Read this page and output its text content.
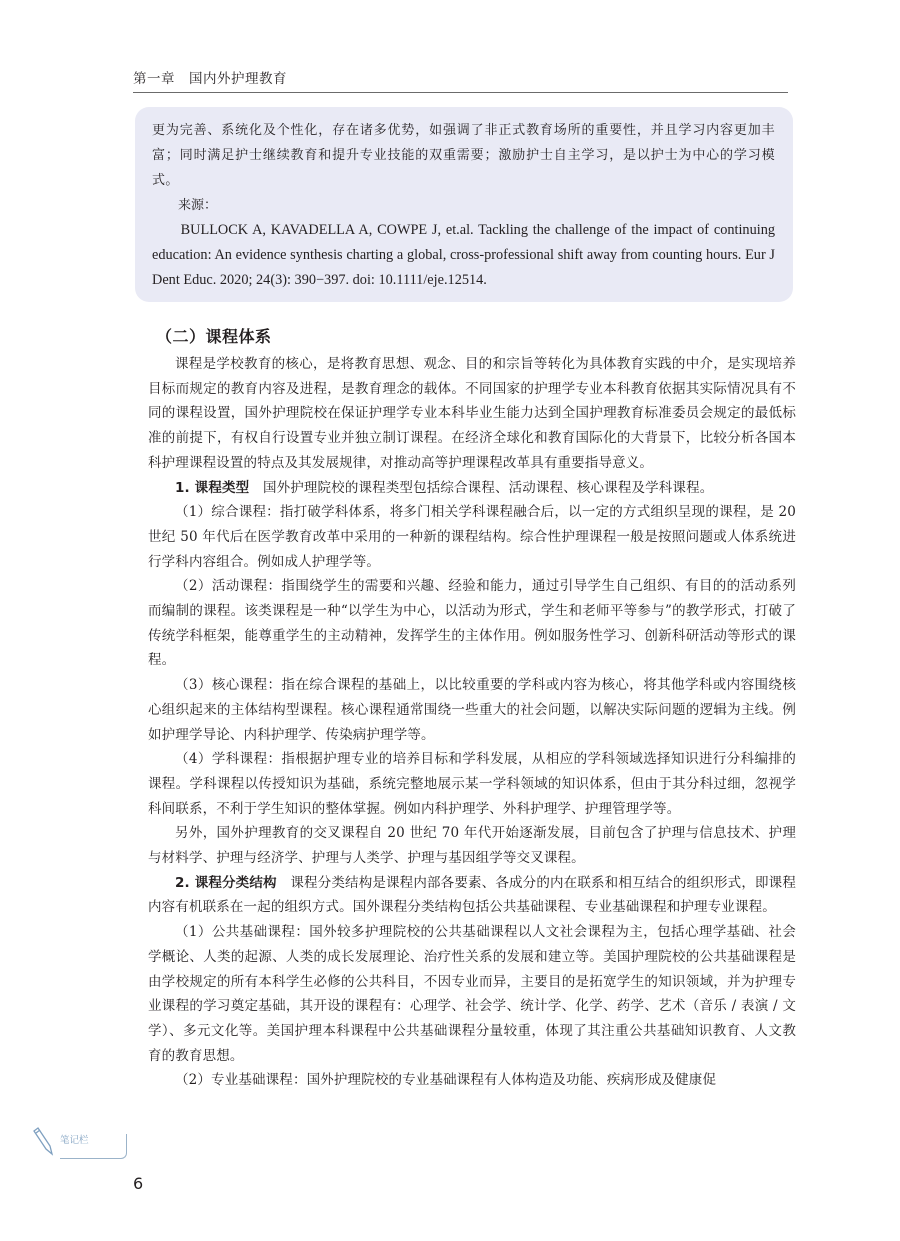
第一章　国内外护理教育

更为完善、系统化及个性化，存在诸多优势，如强调了非正式教育场所的重要性，并且学习内容更加丰富；同时满足护士继续教育和提升专业技能的双重需要；激励护士自主学习，是以护士为中心的学习模式。

来源：

BULLOCK A, KAVADELLA A, COWPE J, et.al. Tackling the challenge of the impact of continuing education: An evidence synthesis charting a global, cross-professional shift away from counting hours. Eur J Dent Educ. 2020; 24(3): 390−397. doi: 10.1111/eje.12514.

（二）课程体系

课程是学校教育的核心，是将教育思想、观念、目的和宗旨等转化为具体教育实践的中介，是实现培养目标而规定的教育内容及进程，是教育理念的载体。不同国家的护理学专业本科教育依据其实际情况具有不同的课程设置，国外护理院校在保证护理学专业本科毕业生能力达到全国护理教育标准委员会规定的最低标准的前提下，有权自行设置专业并独立制订课程。在经济全球化和教育国际化的大背景下，比较分析各国本科护理课程设置的特点及其发展规律，对推动高等护理课程改革具有重要指导意义。

1. 课程类型　 国外护理院校的课程类型包括综合课程、活动课程、核心课程及学科课程。

（1）综合课程：指打破学科体系，将多门相关学科课程融合后，以一定的方式组织呈现的课程，是 20 世纪 50 年代后在医学教育改革中采用的一种新的课程结构。综合性护理课程一般是按照问题或人体系统进行学科内容组合。例如成人护理学等。

（2）活动课程：指围绕学生的需要和兴趣、经验和能力，通过引导学生自己组织、有目的的活动系列而编制的课程。该类课程是一种“以学生为中心，以活动为形式，学生和老师平等参与”的教学形式，打破了传统学科框架，能尊重学生的主动精神，发挥学生的主体作用。例如服务性学习、创新科研活动等形式的课程。

（3）核心课程：指在综合课程的基础上，以比较重要的学科或内容为核心，将其他学科或内容围绕核心组织起来的主体结构型课程。核心课程通常围绕一些重大的社会问题，以解决实际问题的逻辑为主线。例如护理学导论、内科护理学、传染病护理学等。

（4）学科课程：指根据护理专业的培养目标和学科发展，从相应的学科领域选择知识进行分科编排的课程。学科课程以传授知识为基础，系统完整地展示某一学科领域的知识体系，但由于其分科过细，忽视学科间联系，不利于学生知识的整体掌握。例如内科护理学、外科护理学、护理管理学等。

另外，国外护理教育的交叉课程自 20 世纪 70 年代开始逐渐发展，目前包含了护理与信息技术、护理与材料学、护理与经济学、护理与人类学、护理与基因组学等交叉课程。

2. 课程分类结构　 课程分类结构是课程内部各要素、各成分的内在联系和相互结合的组织形式，即课程内容有机联系在一起的组织方式。国外课程分类结构包括公共基础课程、专业基础课程和护理专业课程。

（1）公共基础课程：国外较多护理院校的公共基础课程以人文社会课程为主，包括心理学基础、社会学概论、人类的起源、人类的成长发展理论、治疗性关系的发展和建立等。美国护理院校的公共基础课程是由学校规定的所有本科学生必修的公共科目，不因专业而异，主要目的是拓宽学生的知识领域，并为护理专业课程的学习奠定基础，其开设的课程有：心理学、社会学、统计学、化学、药学、艺术（音乐 / 表演 / 文学）、多元文化等。美国护理本科课程中公共基础课程分量较重，体现了其注重公共基础知识教育、人文教育的教育思想。

（2）专业基础课程：国外护理院校的专业基础课程有人体构造及功能、疾病形成及健康促

笔记栏
6
